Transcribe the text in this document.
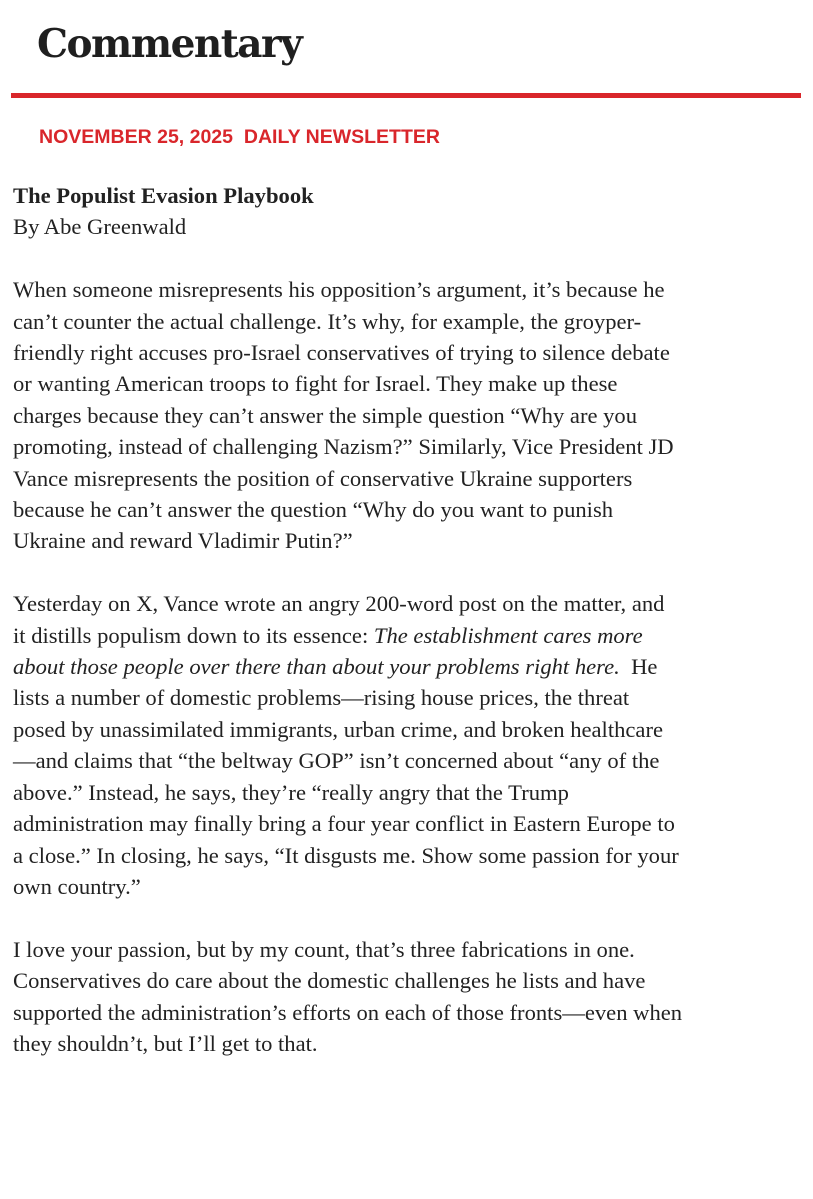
Commentary
NOVEMBER 25, 2025 DAILY NEWSLETTER
The Populist Evasion Playbook
By Abe Greenwald
When someone misrepresents his opposition’s argument, it’s because he
can’t counter the actual challenge. It’s why, for example, the groyper-
friendly right accuses pro-Israel conservatives of trying to silence debate
or wanting American troops to fight for Israel. They make up these
charges because they can’t answer the simple question “Why are you
promoting, instead of challenging Nazism?” Similarly, Vice President JD
Vance misrepresents the position of conservative Ukraine supporters
because he can’t answer the question “Why do you want to punish
Ukraine and reward Vladimir Putin?”
Yesterday on X, Vance wrote an angry 200-word post on the matter, and
it distills populism down to its essence: The establishment cares more
about those people over there than about your problems right here.  He
lists a number of domestic problems—rising house prices, the threat
posed by unassimilated immigrants, urban crime, and broken healthcare
—and claims that “the beltway GOP” isn’t concerned about “any of the
above.” Instead, he says, they’re “really angry that the Trump
administration may finally bring a four year conflict in Eastern Europe to
a close.” In closing, he says, “It disgusts me. Show some passion for your
own country.”
I love your passion, but by my count, that’s three fabrications in one.
Conservatives do care about the domestic challenges he lists and have
supported the administration’s efforts on each of those fronts—even when
they shouldn’t, but I’ll get to that.
